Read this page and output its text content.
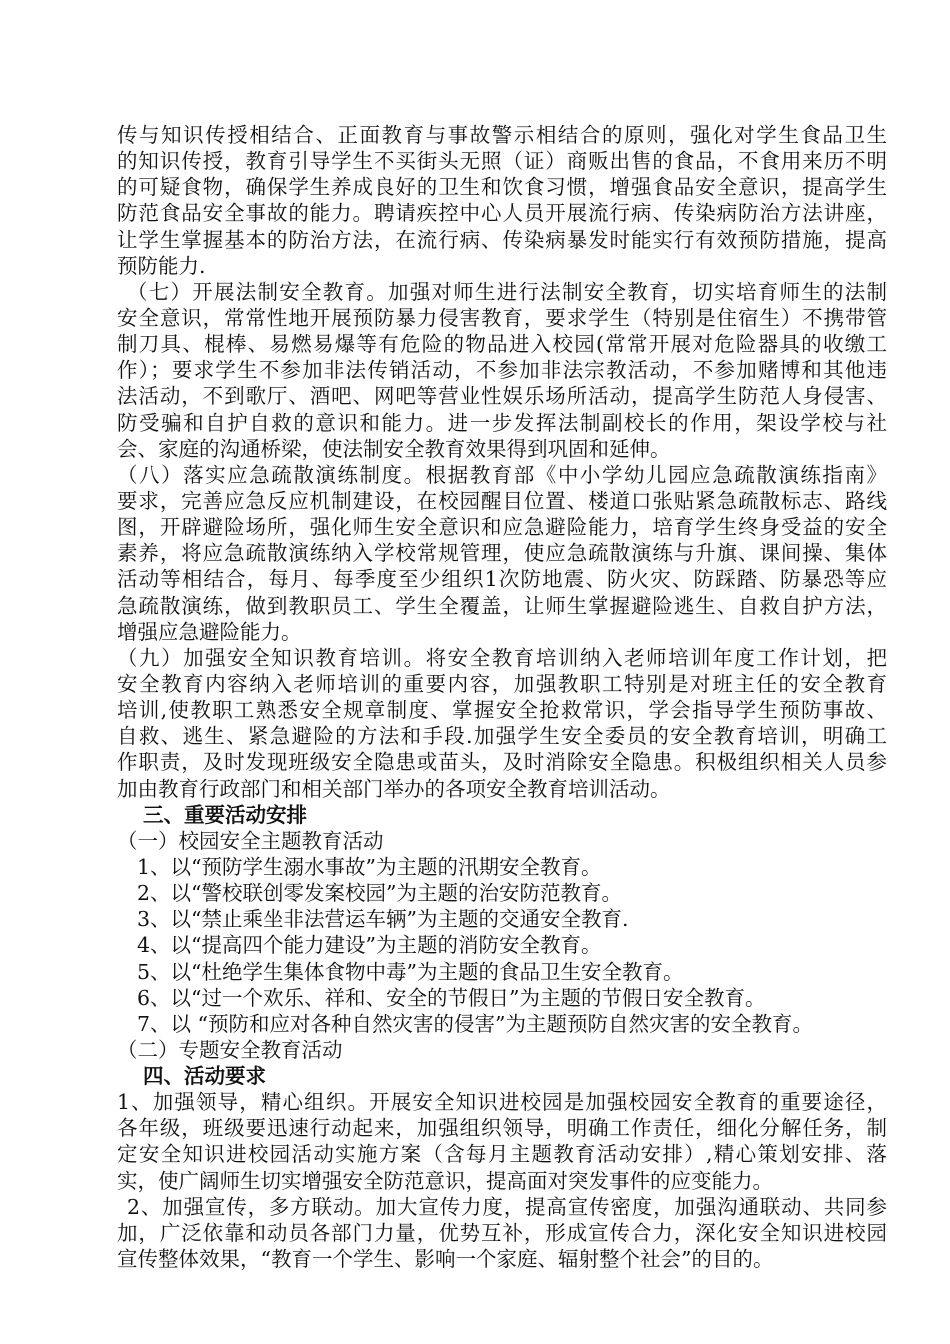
传与知识传授相结合、正面教育与事故警示相结合的原则，强化对学生食品卫生
的知识传授，教育引导学生不买街头无照（证）商贩出售的食品，不食用来历不明
的可疑食物，确保学生养成良好的卫生和饮食习惯，增强食品安全意识，提高学生
防范食品安全事故的能力。聘请疾控中心人员开展流行病、传染病防治方法讲座，
让学生掌握基本的防治方法，在流行病、传染病暴发时能实行有效预防措施，提高
预防能力.
（七）开展法制安全教育。加强对师生进行法制安全教育，切实培育师生的法制
安全意识，常常性地开展预防暴力侵害教育，要求学生（特别是住宿生）不携带管
制刀具、棍棒、易燃易爆等有危险的物品进入校园(常常开展对危险器具的收缴工
作）；要求学生不参加非法传销活动，不参加非法宗教活动，不参加赌博和其他违
法活动，不到歌厅、酒吧、网吧等营业性娱乐场所活动，提高学生防范人身侵害、
防受骗和自护自救的意识和能力。进一步发挥法制副校长的作用，架设学校与社
会、家庭的沟通桥梁，使法制安全教育效果得到巩固和延伸。
（八）落实应急疏散演练制度。根据教育部《中小学幼儿园应急疏散演练指南》
要求，完善应急反应机制建设，在校园醒目位置、楼道口张贴紧急疏散标志、路线
图，开辟避险场所，强化师生安全意识和应急避险能力，培育学生终身受益的安全
素养，将应急疏散演练纳入学校常规管理，使应急疏散演练与升旗、课间操、集体
活动等相结合，每月、每季度至少组织1次防地震、防火灾、防踩踏、防暴恐等应
急疏散演练，做到教职员工、学生全覆盖，让师生掌握避险逃生、自救自护方法，
增强应急避险能力。
（九）加强安全知识教育培训。将安全教育培训纳入老师培训年度工作计划，把
安全教育内容纳入老师培训的重要内容，加强教职工特别是对班主任的安全教育
培训,使教职工熟悉安全规章制度、掌握安全抢救常识，学会指导学生预防事故、
自救、逃生、紧急避险的方法和手段.加强学生安全委员的安全教育培训，明确工
作职责，及时发现班级安全隐患或苗头，及时消除安全隐患。积极组织相关人员参
加由教育行政部门和相关部门举办的各项安全教育培训活动。
三、重要活动安排
（一）校园安全主题教育活动
1、以“预防学生溺水事故”为主题的汛期安全教育。
2、以“警校联创零发案校园”为主题的治安防范教育。
3、以“禁止乘坐非法营运车辆”为主题的交通安全教育.
4、以“提高四个能力建设”为主题的消防安全教育。
5、以“杜绝学生集体食物中毒”为主题的食品卫生安全教育。
6、以“过一个欢乐、祥和、安全的节假日”为主题的节假日安全教育。
7、以 “预防和应对各种自然灾害的侵害”为主题预防自然灾害的安全教育。
（二）专题安全教育活动
四、活动要求
1、加强领导，精心组织。开展安全知识进校园是加强校园安全教育的重要途径，
各年级，班级要迅速行动起来，加强组织领导，明确工作责任，细化分解任务，制
定安全知识进校园活动实施方案（含每月主题教育活动安排）,精心策划安排、落
实，使广阔师生切实增强安全防范意识，提高面对突发事件的应变能力。
2、加强宣传，多方联动。加大宣传力度，提高宣传密度，加强沟通联动、共同参
加，广泛依靠和动员各部门力量，优势互补，形成宣传合力，深化安全知识进校园
宣传整体效果，“教育一个学生、影响一个家庭、辐射整个社会”的目的。
